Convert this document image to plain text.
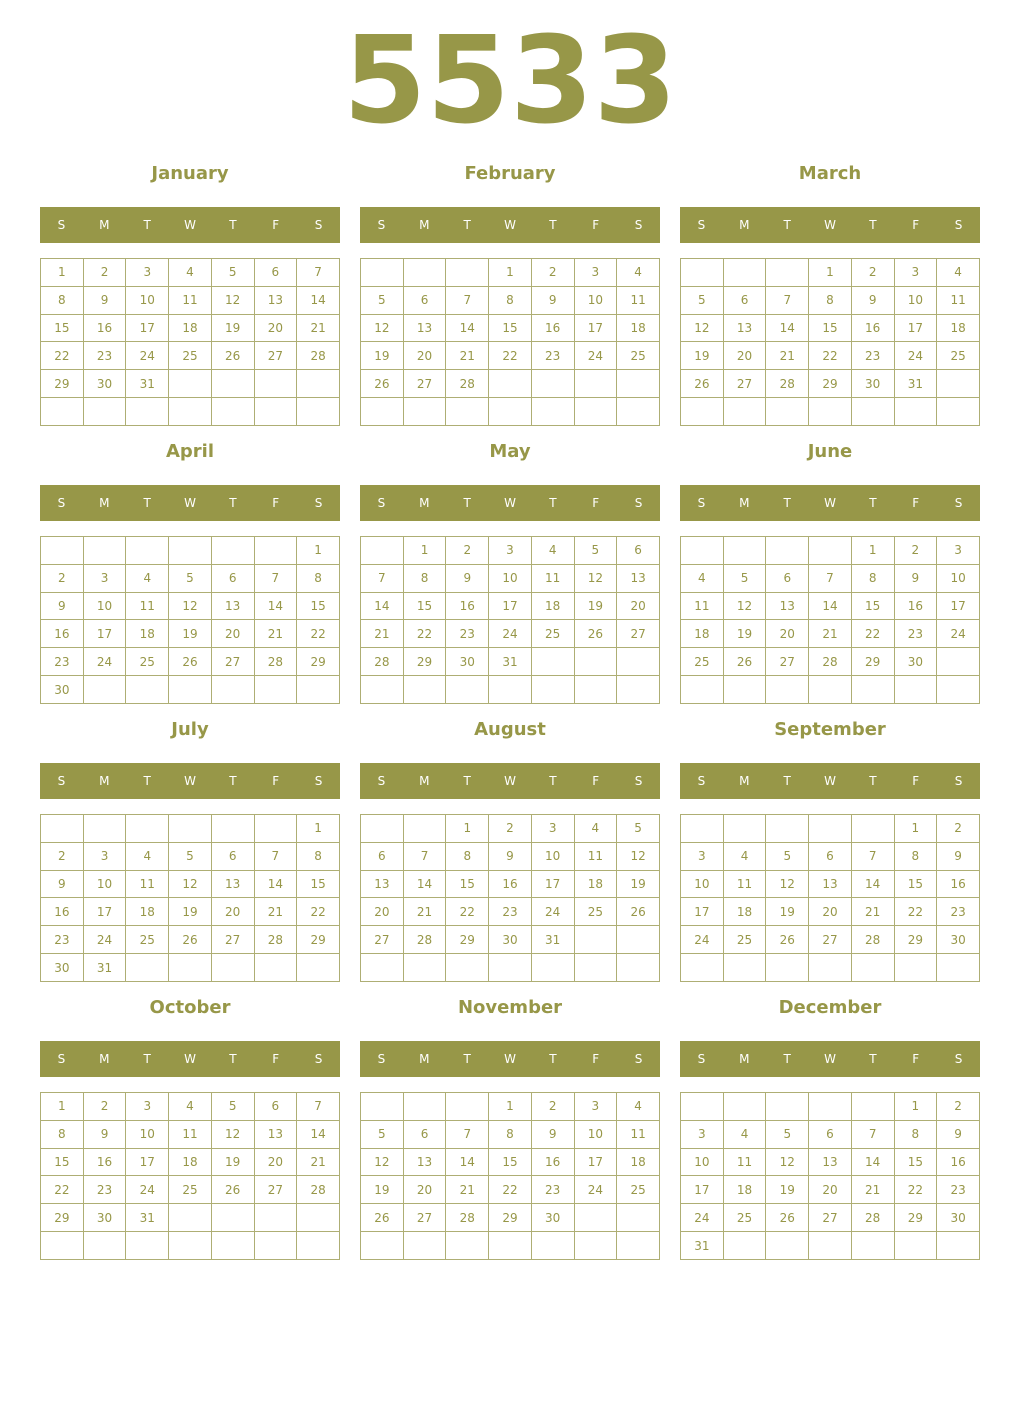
5533
January
S	M	T	W	T	F	S
1	2	3	4	5	6	7
8	9	10	11	12	13	14
15	16	17	18	19	20	21
22	23	24	25	26	27	28
29	30	31				

February
S	M	T	W	T	F	S
			1	2	3	4
5	6	7	8	9	10	11
12	13	14	15	16	17	18
19	20	21	22	23	24	25
26	27	28				

March
S	M	T	W	T	F	S
			1	2	3	4
5	6	7	8	9	10	11
12	13	14	15	16	17	18
19	20	21	22	23	24	25
26	27	28	29	30	31	

April
S	M	T	W	T	F	S
						1
2	3	4	5	6	7	8
9	10	11	12	13	14	15
16	17	18	19	20	21	22
23	24	25	26	27	28	29
30						
May
S	M	T	W	T	F	S
	1	2	3	4	5	6
7	8	9	10	11	12	13
14	15	16	17	18	19	20
21	22	23	24	25	26	27
28	29	30	31			

June
S	M	T	W	T	F	S
				1	2	3
4	5	6	7	8	9	10
11	12	13	14	15	16	17
18	19	20	21	22	23	24
25	26	27	28	29	30	

July
S	M	T	W	T	F	S
						1
2	3	4	5	6	7	8
9	10	11	12	13	14	15
16	17	18	19	20	21	22
23	24	25	26	27	28	29
30	31					
August
S	M	T	W	T	F	S
		1	2	3	4	5
6	7	8	9	10	11	12
13	14	15	16	17	18	19
20	21	22	23	24	25	26
27	28	29	30	31		

September
S	M	T	W	T	F	S
					1	2
3	4	5	6	7	8	9
10	11	12	13	14	15	16
17	18	19	20	21	22	23
24	25	26	27	28	29	30

October
S	M	T	W	T	F	S
1	2	3	4	5	6	7
8	9	10	11	12	13	14
15	16	17	18	19	20	21
22	23	24	25	26	27	28
29	30	31				

November
S	M	T	W	T	F	S
			1	2	3	4
5	6	7	8	9	10	11
12	13	14	15	16	17	18
19	20	21	22	23	24	25
26	27	28	29	30		

December
S	M	T	W	T	F	S
					1	2
3	4	5	6	7	8	9
10	11	12	13	14	15	16
17	18	19	20	21	22	23
24	25	26	27	28	29	30
31						
